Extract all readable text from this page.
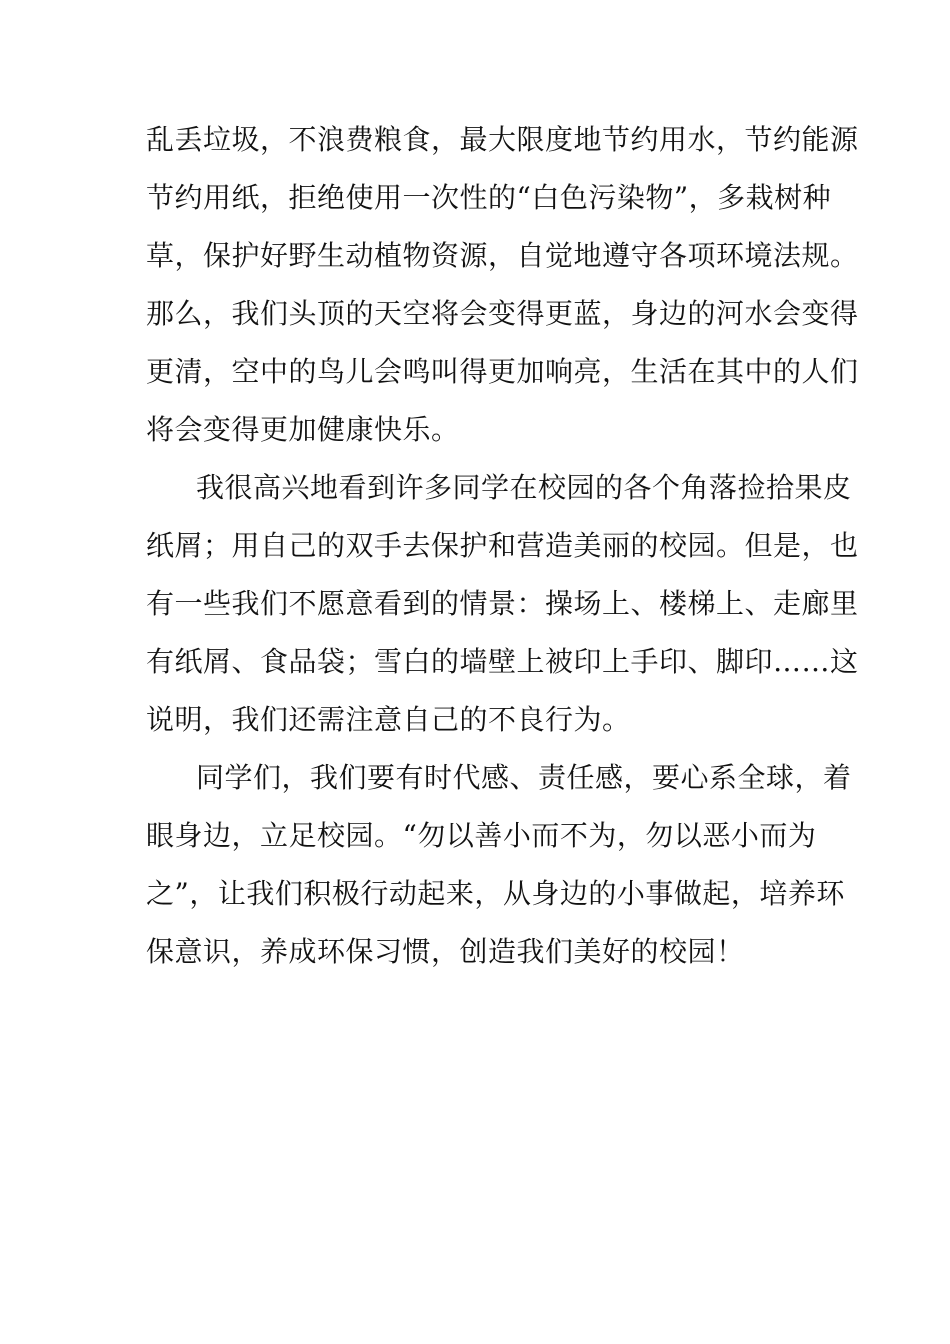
乱丢垃圾，不浪费粮食，最大限度地节约用水，节约能源
节约用纸，拒绝使用一次性的“白色污染物”，多栽树种
草，保护好野生动植物资源，自觉地遵守各项环境法规。
那么，我们头顶的天空将会变得更蓝，身边的河水会变得
更清，空中的鸟儿会鸣叫得更加响亮，生活在其中的人们
将会变得更加健康快乐。
我很高兴地看到许多同学在校园的各个角落捡拾果皮
纸屑；用自己的双手去保护和营造美丽的校园。但是，也
有一些我们不愿意看到的情景：操场上、楼梯上、走廊里
有纸屑、食品袋；雪白的墙壁上被印上手印、脚印……这
说明，我们还需注意自己的不良行为。
同学们，我们要有时代感、责任感，要心系全球，着
眼身边，立足校园。“勿以善小而不为，勿以恶小而为
之”，让我们积极行动起来，从身边的小事做起，培养环
保意识，养成环保习惯，创造我们美好的校园！
